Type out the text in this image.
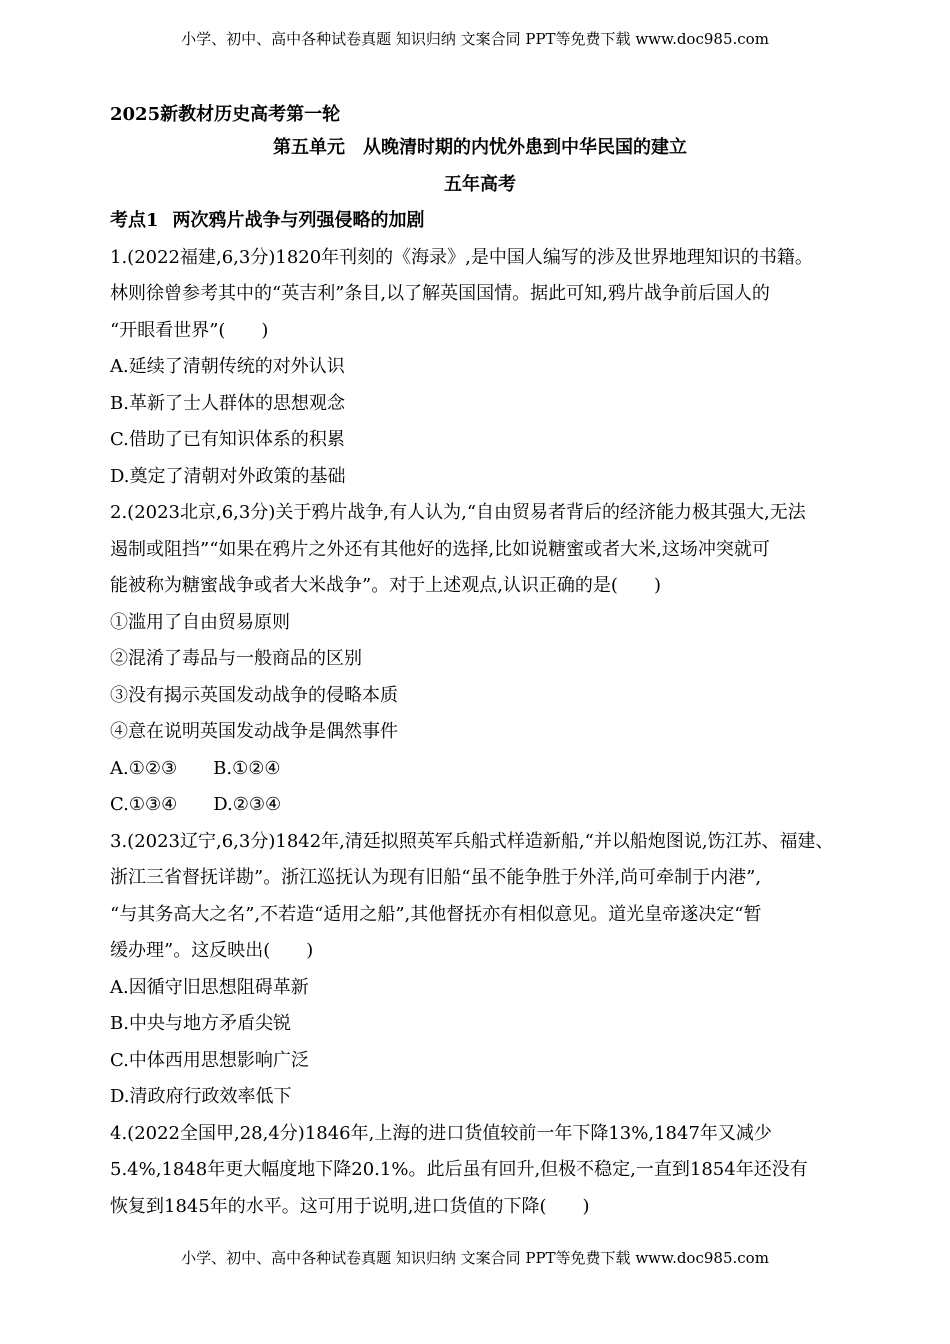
小学、初中、高中各种试卷真题 知识归纳 文案合同 PPT等免费下载 www.doc985.com
2025新教材历史高考第一轮
第五单元　从晚清时期的内忧外患到中华民国的建立
五年高考
考点1 两次鸦片战争与列强侵略的加剧
1.(2022福建,6,3分)1820年刊刻的《海录》,是中国人编写的涉及世界地理知识的书籍。
林则徐曾参考其中的“英吉利”条目,以了解英国国情。据此可知,鸦片战争前后国人的
“开眼看世界”(　　)
A.延续了清朝传统的对外认识
B.革新了士人群体的思想观念
C.借助了已有知识体系的积累
D.奠定了清朝对外政策的基础
2.(2023北京,6,3分)关于鸦片战争,有人认为,“自由贸易者背后的经济能力极其强大,无法
遏制或阻挡”“如果在鸦片之外还有其他好的选择,比如说糖蜜或者大米,这场冲突就可
能被称为糖蜜战争或者大米战争”。对于上述观点,认识正确的是(　　)
①滥用了自由贸易原则
②混淆了毒品与一般商品的区别
③没有揭示英国发动战争的侵略本质
④意在说明英国发动战争是偶然事件
A.①②③ B.①②④
C.①③④ D.②③④
3.(2023辽宁,6,3分)1842年,清廷拟照英军兵船式样造新船,“并以船炮图说,饬江苏、福建、
浙江三省督抚详勘”。浙江巡抚认为现有旧船“虽不能争胜于外洋,尚可牵制于内港”,
“与其务高大之名”,不若造“适用之船”,其他督抚亦有相似意见。道光皇帝遂决定“暂
缓办理”。这反映出(　　)
A.因循守旧思想阻碍革新
B.中央与地方矛盾尖锐
C.中体西用思想影响广泛
D.清政府行政效率低下
4.(2022全国甲,28,4分)1846年,上海的进口货值较前一年下降13%,1847年又减少
5.4%,1848年更大幅度地下降20.1%。此后虽有回升,但极不稳定,一直到1854年还没有
恢复到1845年的水平。这可用于说明,进口货值的下降(　　)
小学、初中、高中各种试卷真题 知识归纳 文案合同 PPT等免费下载 www.doc985.com
